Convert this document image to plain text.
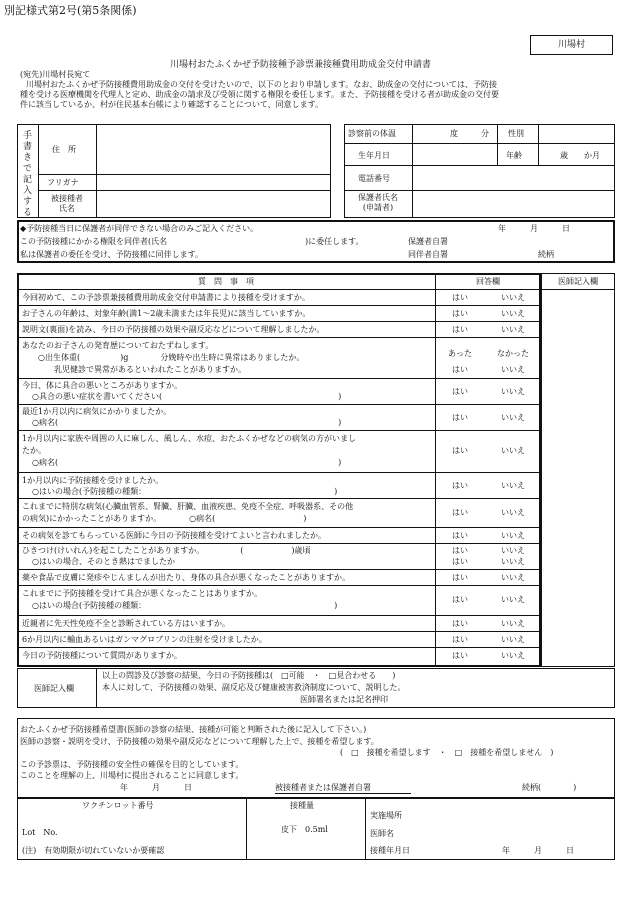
別記様式第2号(第5条関係)
川場村
川場村おたふくかぜ予防接種予診票兼接種費用助成金交付申請書
(宛先)川場村長宛て
川場村おたふくかぜ予防接種費用助成金の交付を受けたいので、以下のとおり申請します。なお、助成金の交付については、予防接
種を受ける医療機関を代理人と定め、助成金の請求及び受領に関する権限を委任します。また、予防接種を受ける者が助成金の交付要
件に該当しているか、村が住民基本台帳により確認することについて、同意します。
手書きで記入する	住　所
フリガナ
被接種者
氏名
診察前の体温	度	分 性別
生年月日	年齢	歳　　か月
電話番号
保護者氏名
(申請者)
◆予防接種当日に保護者が同伴できない場合のみご記入ください。	年　　　月　　　日
この予防接種にかかる権限を同伴者(氏名	)に委任します。	保護者自署
私は保護者の委任を受け、予防接種に同伴します。	同伴者自署	続柄
質　問　事　項	回答欄	医師記入欄
今回初めて、この予診票兼接種費用助成金交付申請書により接種を受けますか。	はい	いいえ
お子さんの年齢は、対象年齢(満1～2歳未満または年長児)に該当していますか。	はい	いいえ
説明文(裏面)を読み、今日の予防接種の効果や副反応などについて理解しましたか。	はい	いいえ
あなたのお子さんの発育歴についておたずねします。
○出生体重(　　　　　)g　　　　分娩時や出生時に異常はありましたか。
乳児健診で異常があるといわれたことがありますか。
あった	なかった
はい	いいえ
今日、体に具合の悪いところがありますか。
○具合の悪い症状を書いてください(　　　　　　　　　　　　　　　　　　　　　　)
はい	いいえ
最近1か月以内に病気にかかりましたか。
○病名(　　　　　　　　　　　　　　　　　　　　　　　　　　　　　　　　　　　)
はい	いいえ
1か月以内に家族や周囲の人に麻しん、風しん、水痘、おたふくかぜなどの病気の方がいまし
たか。
○病名(　　　　　　　　　　　　　　　　　　　　　　　　　　　　　　　　　　　)
はい	いいえ
1か月以内に予防接種を受けましたか。
○はいの場合(予防接種の種類：　　　　　　　　　　　　　　　　　　　　　　　　)
はい	いいえ
これまでに特別な病気(心臓血管系、腎臓、肝臓、血液疾患、免疫不全症、呼吸器系、その他
の病気)にかかったことがありますか。　　　　○病名(　　　　　　　　　　　)
はい	いいえ
その病気を診てもらっている医師に今日の予防接種を受けてよいと言われましたか。	はい	いいえ
ひきつけ(けいれん)を起こしたことがありますか。　　　　　(　　　　　　)歳頃
○はいの場合、そのとき熱はでましたか
はい	いいえ
はい	いいえ
薬や食品で皮膚に発疹やじんましんが出たり、身体の具合が悪くなったことがありますか。	はい	いいえ
これまでに予防接種を受けて具合が悪くなったことはありますか。
○はいの場合(予防接種の種類：　　　　　　　　　　　　　　　　　　　　　　　　)
はい	いいえ
近親者に先天性免疫不全と診断されている方はいますか。	はい	いいえ
6か月以内に輸血あるいはガンマグロブリンの注射を受けましたか。	はい	いいえ
今日の予防接種について質問がありますか。	はい	いいえ
医師記入欄
以上の問診及び診察の結果、今日の予防接種は(　□可能　・　□見合わせる　　)
本人に対して、予防接種の効果、副反応及び健康被害救済制度について、説明した。
医師署名または記名押印
おたふくかぜ予防接種希望書(医師の診察の結果、接種が可能と判断された後に記入して下さい。)
医師の診察・説明を受け、予防接種の効果や副反応などについて理解した上で、接種を希望します。
(　□　接種を希望します　・　□　接種を希望しません　)
この予診票は、予防接種の安全性の確保を目的としています。
このことを理解の上、川場村に提出されることに同意します。
年　　　月　　　日	被接種者または保護者自署	続柄(　　　　)
ワクチンロット番号
Lot　No.
(注)　有効期限が切れていないか要確認
接種量
皮下　0.5ml
実施場所
医師名
接種年月日	年　　　月　　　日
